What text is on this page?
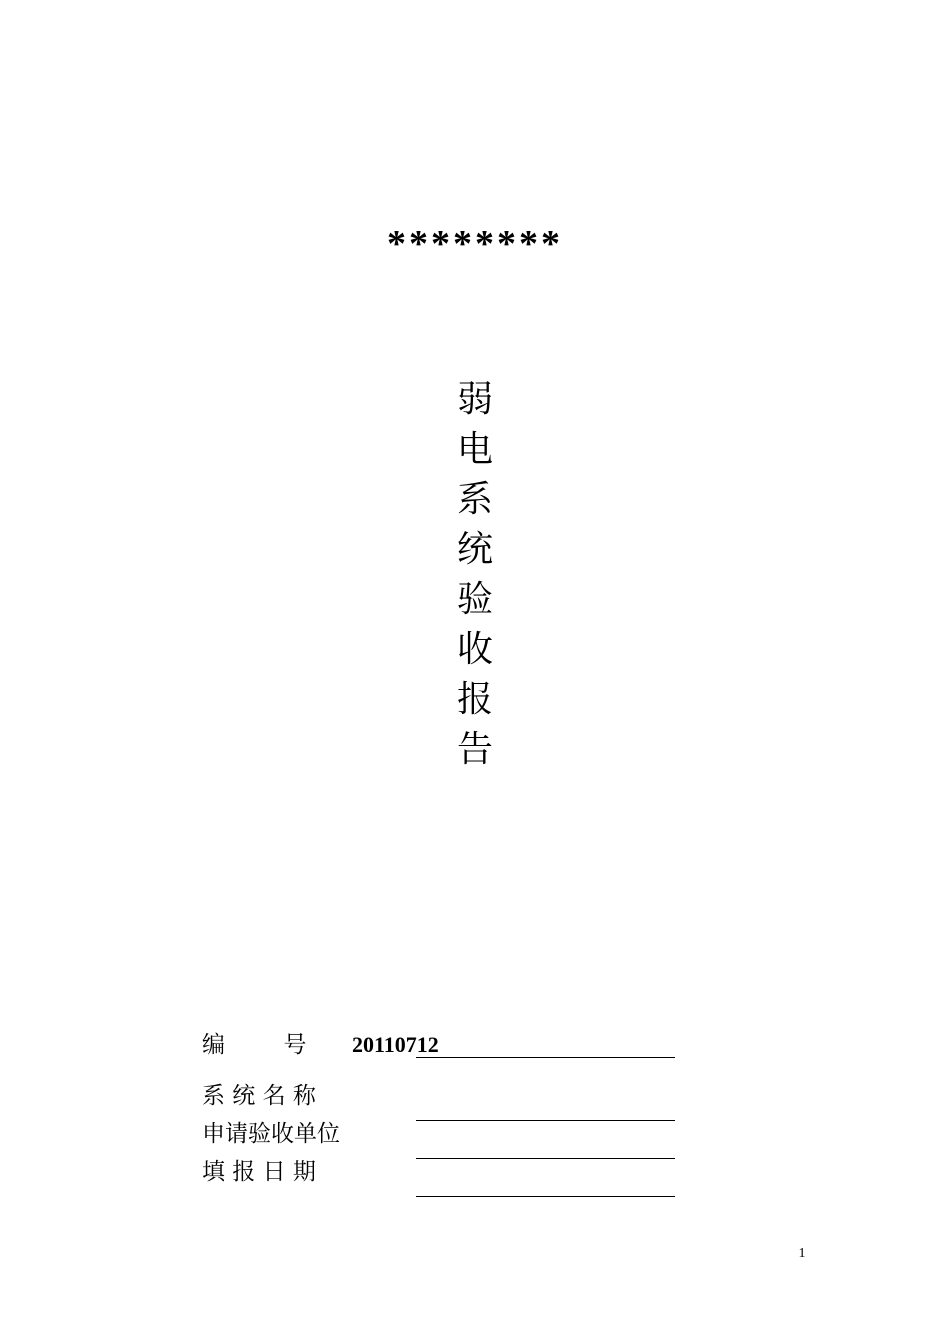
********
弱
电
系
统
验
收
报
告
编        号 20110712
系 统 名 称
申请验收单位
填 报 日 期
1
